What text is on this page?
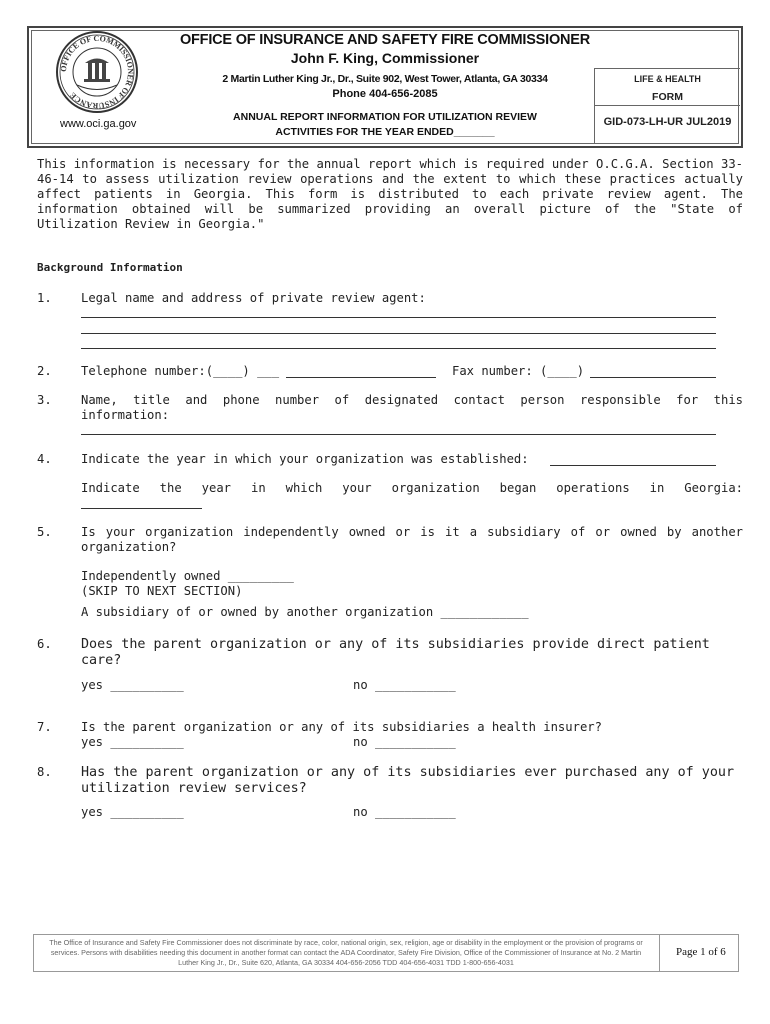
OFFICE OF COMMISSIONER OF INSURANCE
www.oci.ga.gov
OFFICE OF INSURANCE AND SAFETY FIRE COMMISSIONER
John F. King, Commissioner
2 Martin Luther King Jr., Dr., Suite 902, West Tower, Atlanta, GA 30334
Phone 404-656-2085
ANNUAL REPORT INFORMATION FOR UTILIZATION REVIEW
ACTIVITIES FOR THE YEAR ENDED_______
LIFE & HEALTH
FORM
GID-073-LH-UR JUL2019
This information is necessary for the annual report which is required under O.C.G.A. Section 33-46-14 to assess utilization review operations and the extent to which these practices actually affect patients in Georgia. This form is distributed to each private review agent. The information obtained will be summarized providing an overall picture of the "State of Utilization Review in Georgia."
Background Information
1. Legal name and address of private review agent:
2. Telephone number:(____) ___	Fax number: (____)
3. Name, title and phone number of designated contact person responsible for this information:
4. Indicate the year in which your organization was established:
Indicate the year in which your organization began operations in Georgia:
5. Is your organization independently owned or is it a subsidiary of or owned by another organization?
Independently owned _________
(SKIP TO NEXT SECTION)
A subsidiary of or owned by another organization ____________
6. Does the parent organization or any of its subsidiaries provide direct patient care?
yes __________	no ___________
7. Is the parent organization or any of its subsidiaries a health insurer?
yes __________	no ___________
8. Has the parent organization or any of its subsidiaries ever purchased any of your utilization review services?
yes __________	no ___________
The Office of Insurance and Safety Fire Commissioner does not discriminate by race, color, national origin, sex, religion, age or disability in the employment or the provision of programs or services. Persons with disabilities needing this document in another format can contact the ADA Coordinator, Safety Fire Division, Office of the Commissioner of Insurance at No. 2 Martin Luther King Jr., Dr., Suite 620, Atlanta, GA 30334 404-656-2056 TDD 404-656-4031 TDD 1-800-656-4031
Page 1 of 6
